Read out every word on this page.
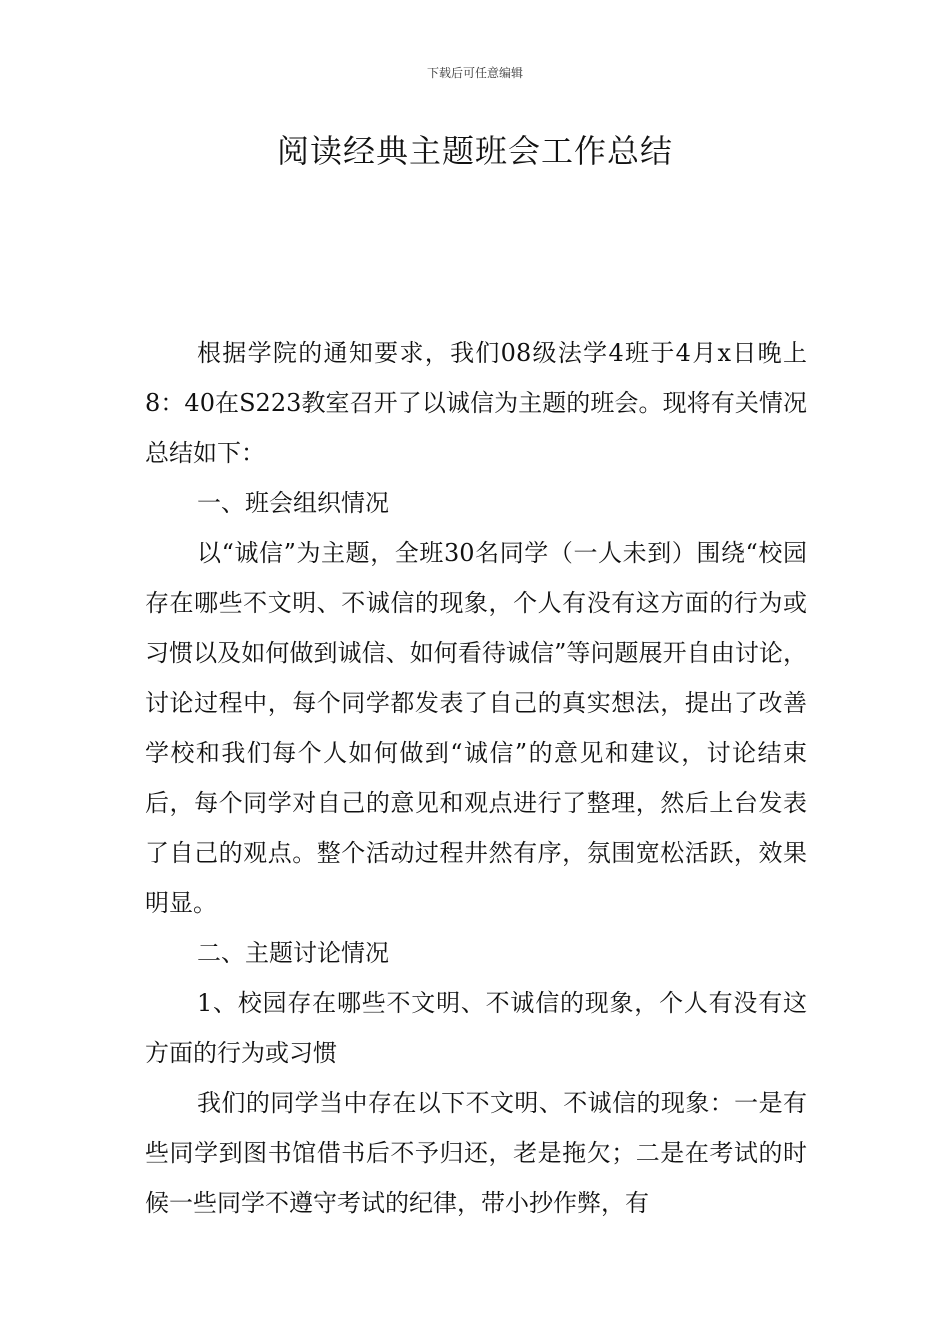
下载后可任意编辑
阅读经典主题班会工作总结

根据学院的通知要求，我们08级法学4班于4月x日晚上8：40在S223教室召开了以诚信为主题的班会。现将有关情况总结如下：

一、班会组织情况

以“诚信”为主题，全班30名同学（一人未到）围绕“校园存在哪些不文明、不诚信的现象，个人有没有这方面的行为或习惯以及如何做到诚信、如何看待诚信”等问题展开自由讨论，讨论过程中，每个同学都发表了自己的真实想法，提出了改善学校和我们每个人如何做到“诚信”的意见和建议，讨论结束后，每个同学对自己的意见和观点进行了整理，然后上台发表了自己的观点。整个活动过程井然有序，氛围宽松活跃，效果明显。

二、主题讨论情况

1、校园存在哪些不文明、不诚信的现象，个人有没有这方面的行为或习惯

我们的同学当中存在以下不文明、不诚信的现象：一是有些同学到图书馆借书后不予归还，老是拖欠；二是在考试的时候一些同学不遵守考试的纪律，带小抄作弊，有
